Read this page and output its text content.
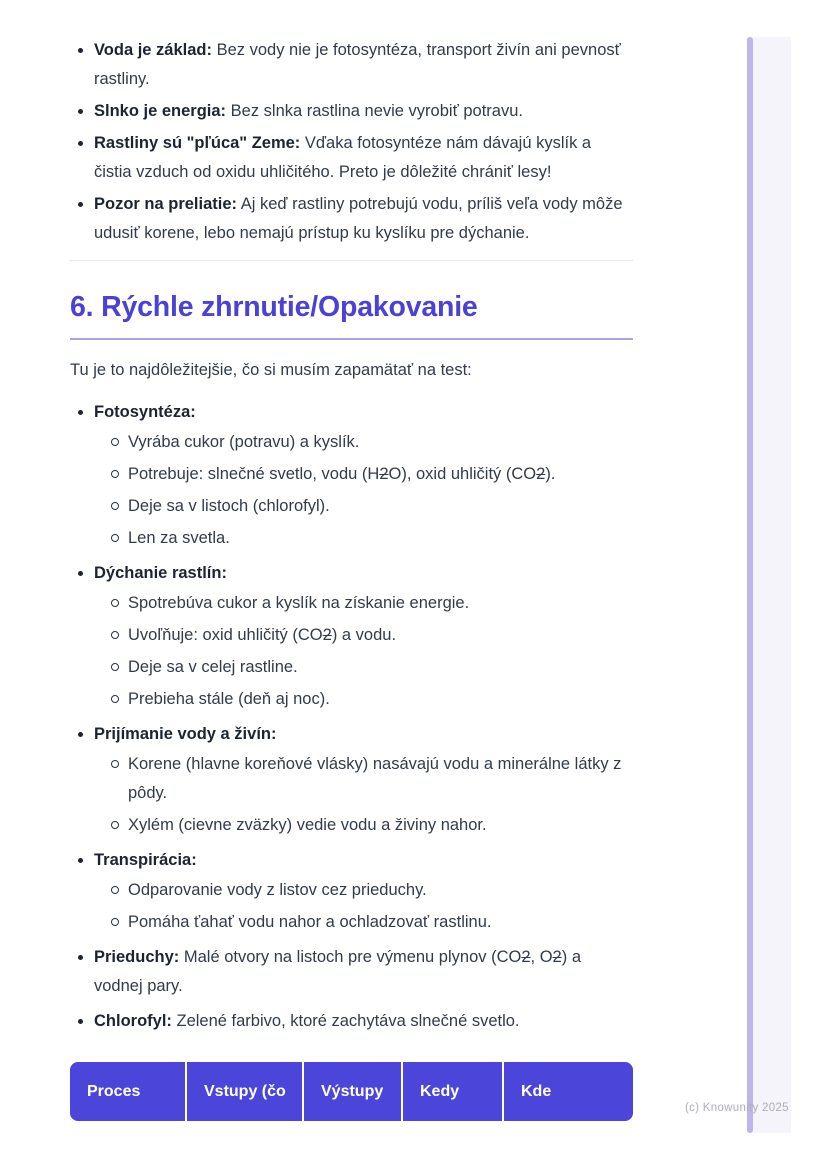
Voda je základ: Bez vody nie je fotosyntéza, transport živín ani pevnosť rastliny.
Slnko je energia: Bez slnka rastlina nevie vyrobiť potravu.
Rastliny sú "pľúca" Zeme: Vďaka fotosyntéze nám dávajú kyslík a čistia vzduch od oxidu uhličitého. Preto je dôležité chrániť lesy!
Pozor na preliatie: Aj keď rastliny potrebujú vodu, príliš veľa vody môže udusiť korene, lebo nemajú prístup ku kyslíku pre dýchanie.
6. Rýchle zhrnutie/Opakovanie

Tu je to najdôležitejšie, čo si musím zapamätať na test:

Fotosyntéza:
Vyrába cukor (potravu) a kyslík.
Potrebuje: slnečné svetlo, vodu (H2O), oxid uhličitý (CO2).
Deje sa v listoch (chlorofyl).
Len za svetla.
Dýchanie rastlín:
Spotrebúva cukor a kyslík na získanie energie.
Uvoľňuje: oxid uhličitý (CO2) a vodu.
Deje sa v celej rastline.
Prebieha stále (deň aj noc).
Prijímanie vody a živín:
Korene (hlavne koreňové vlásky) nasávajú vodu a minerálne látky z pôdy.
Xylém (cievne zväzky) vedie vodu a živiny nahor.
Transpirácia:
Odparovanie vody z listov cez prieduchy.
Pomáha ťahať vodu nahor a ochladzovať rastlinu.
Prieduchy: Malé otvory na listoch pre výmenu plynov (CO2, O2) a vodnej pary.
Chlorofyl: Zelené farbivo, ktoré zachytáva slnečné svetlo.
Proces	Vstupy (čo	Výstupy	Kedy	Kde
(c) Knowunity 2025
